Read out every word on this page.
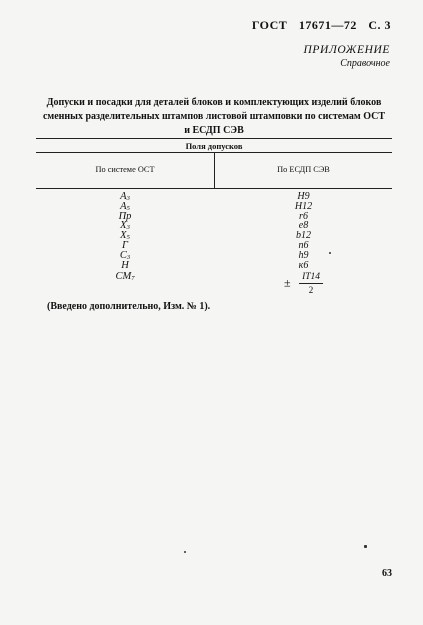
ГОСТ 17671—72 С. 3
ПРИЛОЖЕНИЕ
Справочное
Допуски и посадки для деталей блоков и комплектующих изделий блоков
сменных разделительных штампов листовой штамповки по системам ОСТ
и ЕСДП СЭВ
Поля допусков
По системе ОСТ	По ЕСДП СЭВ
$A_3$
$A_5$
Пр
$X_3$
$X_5$
Г
$C_3$
Н
$СМ_7$
H9
H12
r6
e8
b12
n6
h9
к6
± $\frac{IT14}{2}$
(Введено дополнительно, Изм. № 1).
63
